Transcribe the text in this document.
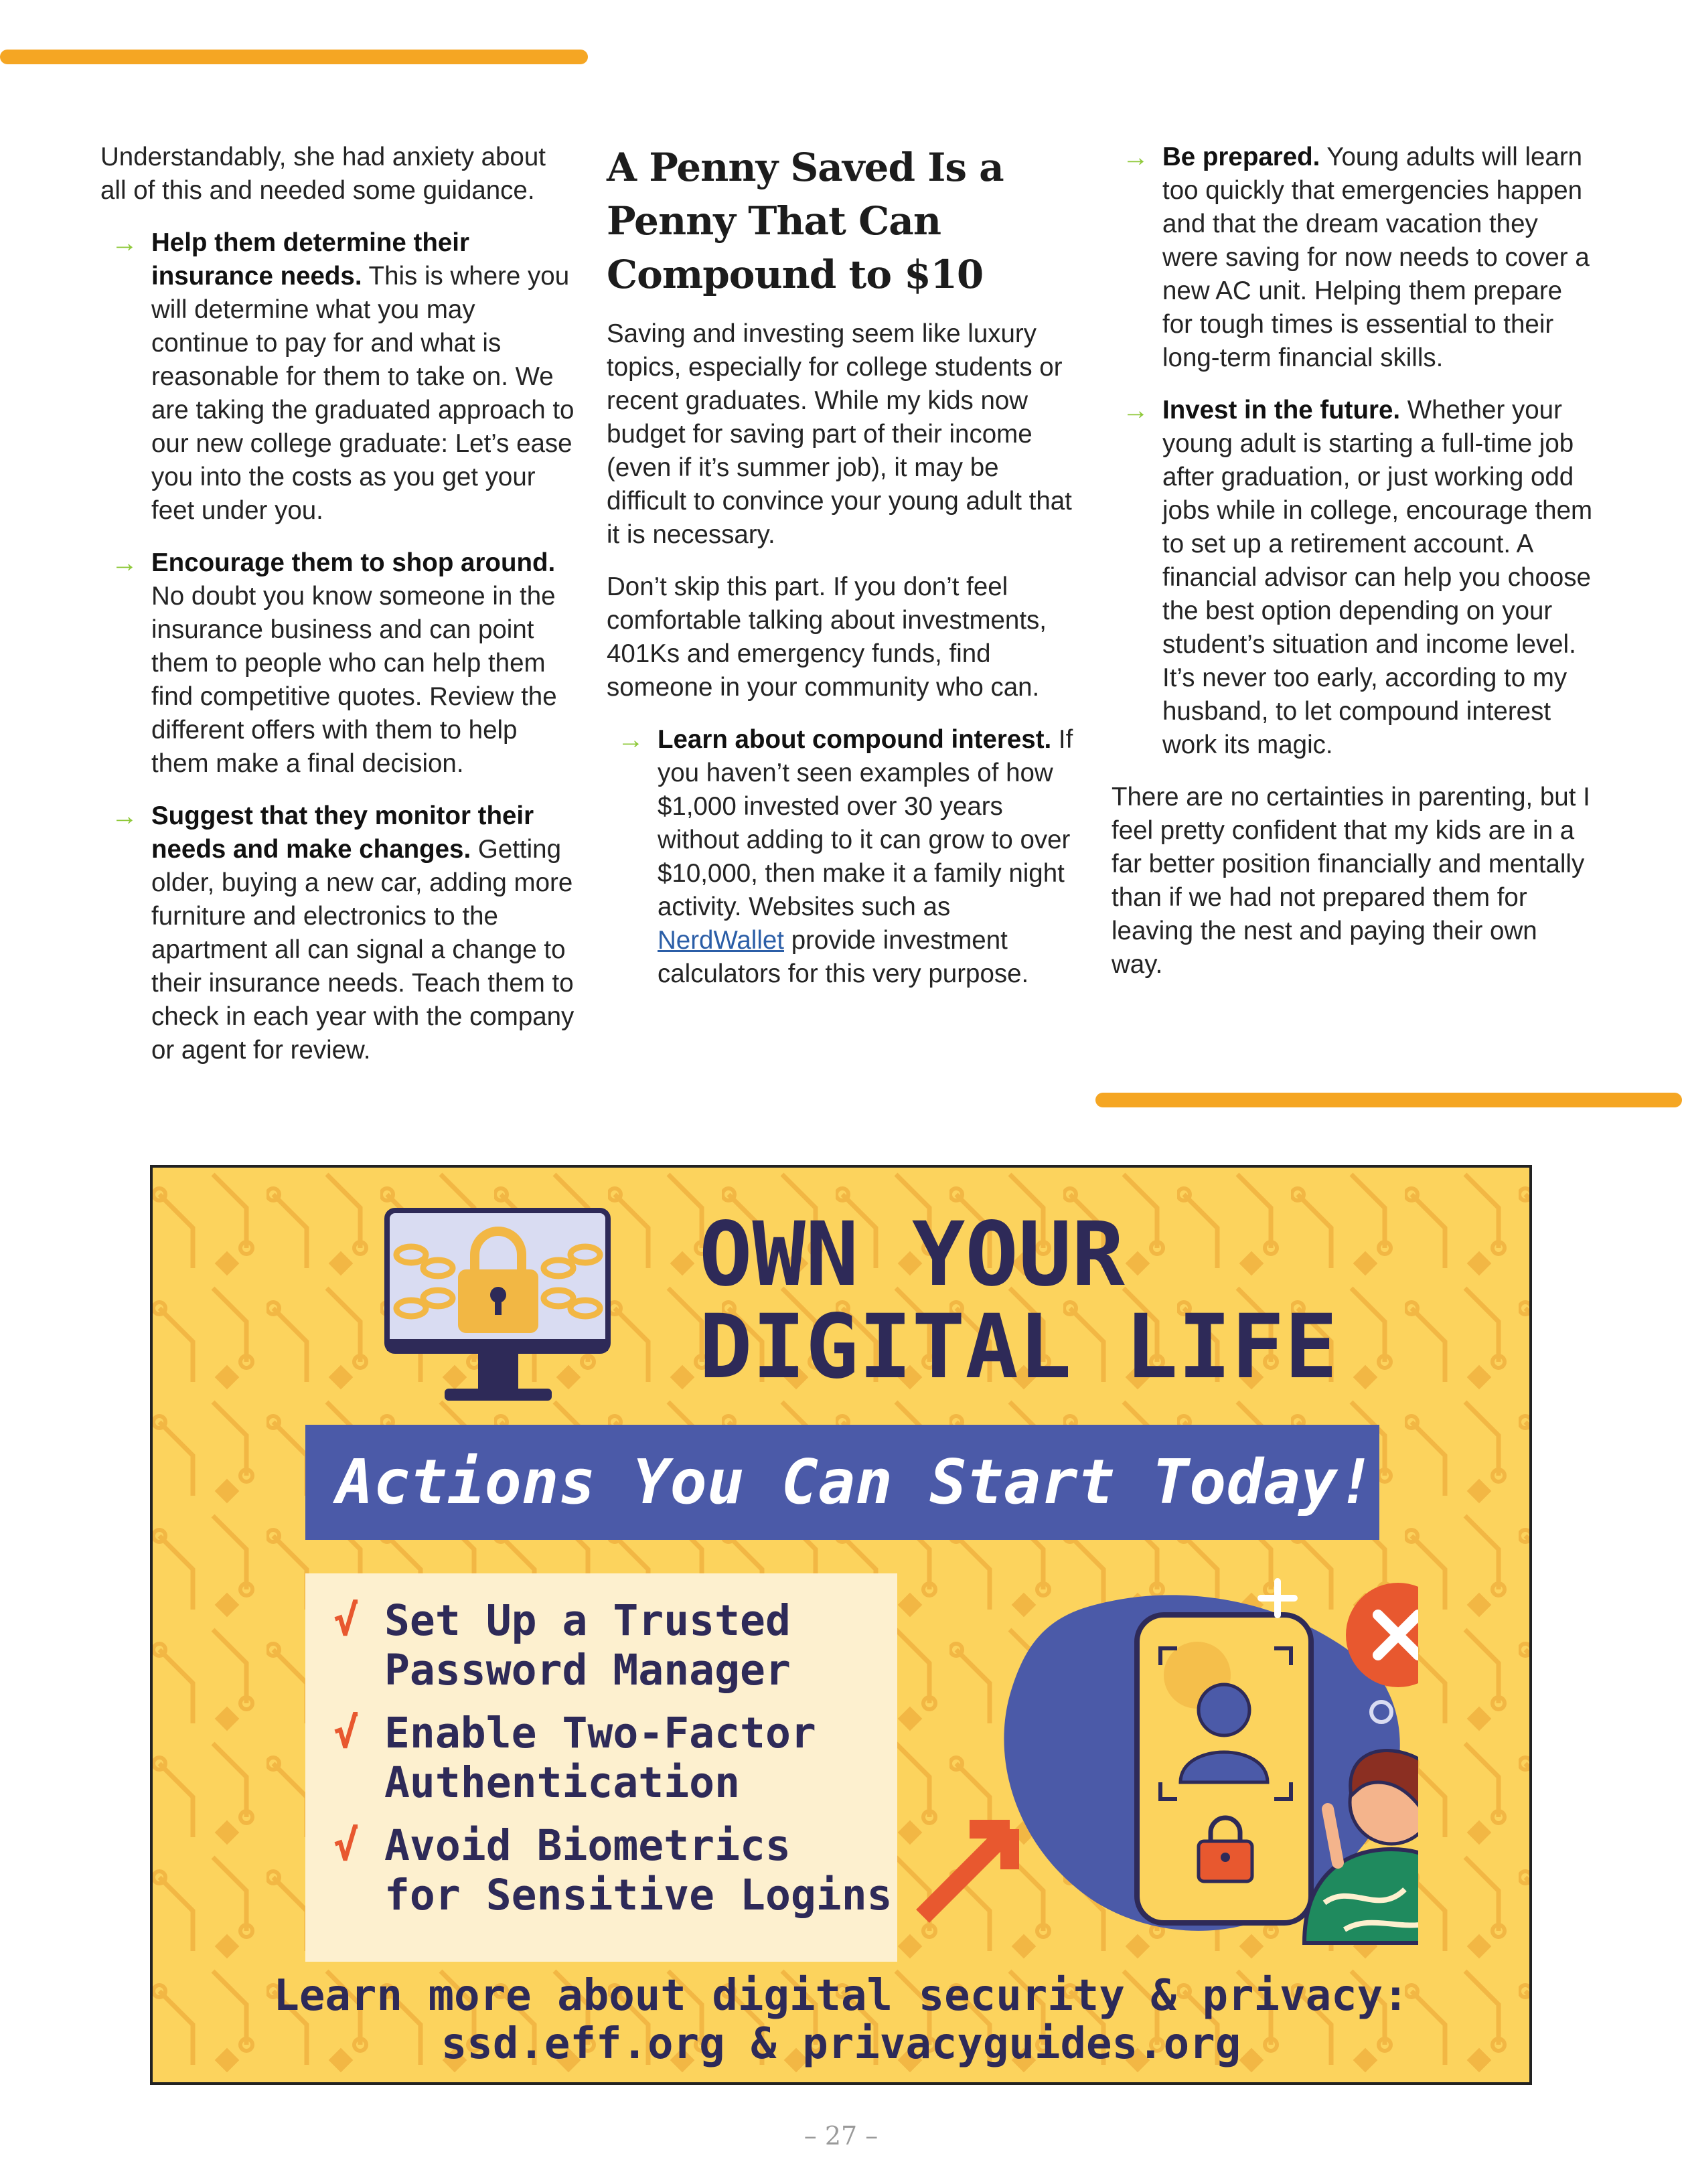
Understandably, she had anxiety about all of this and needed some guidance.

→ Help them determine their insurance needs. This is where you will determine what you may continue to pay for and what is reasonable for them to take on. We are taking the graduated approach to our new college graduate: Let’s ease you into the costs as you get your feet under you.
→ Encourage them to shop around. No doubt you know someone in the insurance business and can point them to people who can help them find competitive quotes. Review the different offers with them to help them make a final decision.
→ Suggest that they monitor their needs and make changes. Getting older, buying a new car, adding more furniture and electronics to the apartment all can signal a change to their insurance needs. Teach them to check in each year with the company or agent for review.
A Penny Saved Is a Penny That Can Compound to $10

Saving and investing seem like luxury topics, especially for college students or recent graduates. While my kids now budget for saving part of their income (even if it’s summer job), it may be difficult to convince your young adult that it is necessary.

Don’t skip this part. If you don’t feel comfortable talking about investments, 401Ks and emergency funds, find someone in your community who can.

→ Learn about compound interest. If you haven’t seen examples of how $1,000 invested over 30 years without adding to it can grow to over $10,000, then make it a family night activity. Websites such as NerdWallet provide investment calculators for this very purpose.
→ Be prepared. Young adults will learn too quickly that emergencies happen and that the dream vacation they were saving for now needs to cover a new AC unit. Helping them prepare for tough times is essential to their long-term financial skills.
→ Invest in the future. Whether your young adult is starting a full-time job after graduation, or just working odd jobs while in college, encourage them to set up a retirement account. A financial advisor can help you choose the best option depending on your student’s situation and income level. It’s never too early, according to my husband, to let compound interest work its magic.

There are no certainties in parenting, but I feel pretty confident that my kids are in a far better position financially and mentally than if we had not prepared them for leaving the nest and paying their own way.

OWN YOUR
DIGITAL LIFE
Actions You Can Start Today!
√ Set Up a Trusted
Password Manager
√ Enable Two-Factor
Authentication
√ Avoid Biometrics
for Sensitive Logins
Learn more about digital security & privacy:
ssd.eff.org & privacyguides.org
– 27 –
